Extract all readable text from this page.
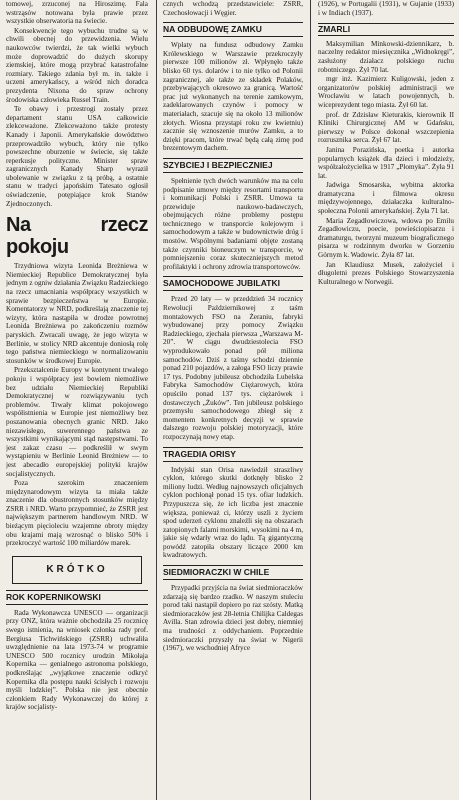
tomowej, zrzuconej na Hiroszimę. Fala wstrząsów notowana była prawie przez wszystkie obserwatoria na świecie.

Konsekwencje tego wybuchu trudne są w chwili obecnej do przewidzenia. Wielu naukowców twierdzi, że tak wielki wybuch może doprowadzić do dużych skorupy ziemskiej, które mogą przybrać katastrofalne rozmiary. Takiego zdania był m. in. także i uczeni amerykańscy, a wśród nich doradca prezydenta Nixona do spraw ochrony środowiska człowieka Russel Train.

Te obawy i przestrogi zostały przez departament stanu USA całkowicie zlekceważone. Zlekceważono także protesty Kanady i Japonii. Amerykańskie dowództwo przeprowadziło wybuch, który nie tylko powszechne oburzenie w świecie, się także reperkusje polityczne. Minister spraw zagranicznych Kanady Sharp wyraził ubolewanie w związku z tą próbą, a ostatnie stanu w tradyci japońskim Tatesato ogłosił oświadczenie, potępiające krok Stanów Zjednoczonych.

Na rzecz pokoju

Trzydniowa wizyta Leonida Breżniewa w Niemieckiej Republice Demokratycznej była jednym z ogniw działania Związku Radzieckiego na rzecz umacniania współpracy wszystkich w sprawie bezpieczeństwa w Europie. Komentatorzy w NRD, podkreślają znaczenie tej wizyty, która nastąpiła w drodze powrotnej Leonida Breżniewa po zakończeniu rozmów paryskich. Zwracali uwagę, że jego wizyta w Berlinie, w stolicy NRD akcentuje doniosłą rolę tego państwa niemieckiego w normalizowaniu stosunków w środkowej Europie.

Przekształcenie Europy w kontynent trwałego pokoju i współpracy jest bowiem niemożliwe bez udziału Niemieckiej Republiki Demokratycznej w rozwiązywaniu tych problemów. Trwały klimat pokojowego współistnienia w Europie jest niemożliwy bez poszanowania obecnych granic NRD. Jako niezawisłego, suwerennego państwa ze wszystkimi wynikającymi stąd następstwami. To jest zakaz czasu — podkreślił w swym wystąpieniu w Berlinie Leonid Breżniew — to jest abecadło europejskiej polityki krajów socjalistycznych.

Poza szerokim znaczeniem międzynarodowym wizyta ta miała także znaczenie dla obustronnych stosunków między ZSRR i NRD. Warto przypomnieć, że ZSRR jest największym partnerem handlowym NRD. W bieżącym pięcioleciu wzajemne obroty między obu krajami mają wzrosnąć o blisko 50% i przekroczyć wartość 100 miliardów marek.

KRÓTKO
ROK KOPERNIKOWSKI

Rada Wykonawcza UNESCO — organizacji przy ONZ, która ważnie obchodziła 25 rocznicę swego istnienia, na wniosek członka rady prof. Bergiusa Tichwińskiego (ZSRR) uchwaliła uwzględnienie na lata 1973-74 w programie UNESCO 500 rocznicy urodzin Mikołaja Kopernika — genialnego astronoma polskiego, podkreślając „wyjątkowe znaczenie odkryć Kopernika dla postępu nauki ścisłych i rozwoju myśli ludzkiej”. Polska nie jest obecnie członkiem Rady Wykonawczej do której z krajów socjalisty-

cznych wchodzą przedstawiciele: ZSRR, Czechosłowacji i Węgier.

NA ODBUDOWĘ ZAMKU

Wpłaty na fundusz odbudowy Zamku Królewskiego w Warszawie przekroczyły pierwsze 100 milionów zł. Wpłynęło także blisko 60 tys. dolarów i to nie tylko od Polonii zagranicznej, ale także ze składek Polaków, przebywających okresowo za granicą. Wartość prac już wykonanych na terenie zamkowym, zadeklarowanych czynów i pomocy w materiałach, szacuje się na około 13 milionów złotych. Wiosna przystąpi roku zw kwietniu) zacznie się wznoszenie murów Zamku, a to dzięki pracom, które trwać będą całą zimę pod brezentowym dachem.

SZYBCIEJ I BEZPIECZNIEJ

Spełnienie tych dwóch warunków ma na celu podpisanie umowy między resortami transportu i komunikacji Polski i ZSRR. Umowa ta przewiduje naukowo-badawczych, obejmujących różne problemy postępu technicznego w transporcie kolejowym i samochodowym a także w budownictwie dróg i mostów. Wspólnymi badaniami objęte zostaną także czynniki bioneuczym w transporcie, w pomniejszeniu coraz skuteczniejszych metod profilaktyki i ochrony zdrowia transportowców.

SAMOCHODOWE JUBILATKI

Przed 20 laty — w przeddzień 34 rocznicy Rewolucji Październikowej z taśm montażowych FSO na Żeraniu, fabryki wybudowanej przy pomocy Związku Radzieckiego, zjechała pierwsza „Warszawa M-20”. W ciągu dwudziestolecia FSO wyprodukowało ponad pół miliona samochodów. Dziś z taśmy schodzi dziennie ponad 210 pojazdów, a załoga FSO liczy prawie 17 tys. Podobny jubileusz obchodziła Lubelska Fabryka Samochodów Ciężarowych, która opuściło ponad 137 tys. ciężarówek i dostawczych „Żuków”. Ten jubileusz polskiego przemysłu samochodowego zbiegł się z momentem konkretnych decyzji w sprawie dalszego rozwoju polskiej motoryzacji, które rozpoczynają nowy etap.

TRAGEDIA ORISY

Indyjski stan Orisa nawiedził straszliwy cyklon, którego skutki dotknęły blisko 2 miliony ludzi. Według najnowszych oficjalnych cyklon pochłonął ponad 15 tys. ofiar ludzkich. Przypuszcza się, że ich liczba jest znacznie większa, ponieważ ci, którzy uszli z życiem spod uderzeń cyklonu znaleźli się na obszarach zatopionych falami morskimi, wysokimi na 4 m, jakie się wdarły wraz do lądu. Tą gigantyczną powódź zatopiła obszary liczące 2000 km kwadratowych.

SIEDMIORACZKI W CHILE

Przypadki przyjścia na świat siedmioraczków zdarzają się bardzo rzadko. W naszym stuleciu porod taki nastąpił dopiero po raz szósty. Matką siedmioraczków jest 28-letnia Chilijka Caldegas Avilla. Stan zdrowia dzieci jest dobry, niemniej ma trudności z oddychaniem. Poprzednie siedmioraczki przyszły na świat w Nigerii (1967), we wschodniej Afryce

(1926), w Portugalii (1931), w Gujanie (1933) i w Indiach (1937).

ZMARLI

Maksymilian Minkowski-dziennikarz, b. naczelny redaktor miesięcznika „Widnokręgi”, zasłużony działacz polskiego ruchu robotniczego. Żył 70 lat.

mgr inż. Kazimierz Kuligowski, jeden z organizatorów polskiej administracji we Wrocławiu w latach powojennych, b. wiceprezydent tego miasta. Żył 60 lat.

prof. dr Zdzisław Kieturakis, kierownik II Kliniki Chirurgicznej AM w Gdańsku, pierwszy w Polsce dokonał wszczepienia rozrusznika serca. Żył 67 lat.

Janina Porazińska, poetka i autorka popularnych książek dla dzieci i młodzieży, współzałożycielka w 1917 „Płomyka”. Żyła 91 lat.

Jadwiga Smosarska, wybitna aktorka dramatyczna i filmowa okresu międzywojennego, działaczka kulturalno-społeczna Polonii amerykańskiej. Żyła 71 lat.

Maria Zegadłowiczowa, wdowa po Emilu Zegadłowiczu, poecie, powieściopisarzu i dramaturgu, tworzyni muzeum biograficznego pisarza w rodzinnym dworku w Gorzeniu Górnym k. Wadowic. Żyła 87 lat.

Jan Klaudiusz Musek, założyciel i długoletni prezes Polskiego Stowarzyszenia Kulturalnego w Norwegii.
